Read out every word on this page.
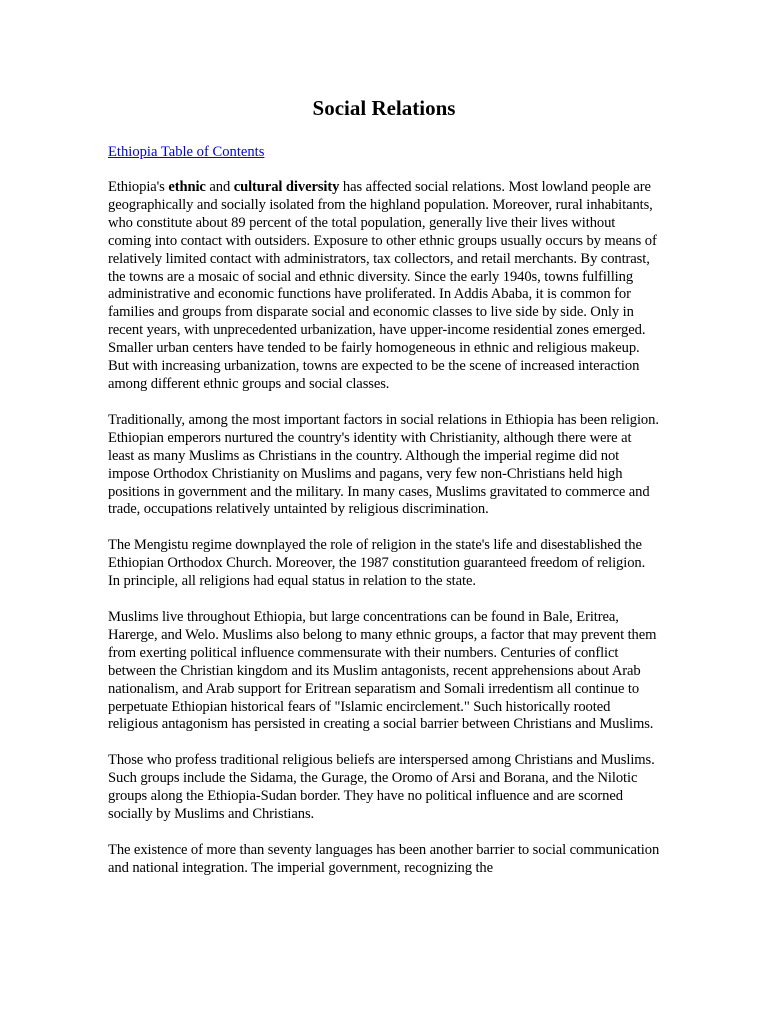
Social Relations
Ethiopia Table of Contents

Ethiopia's ethnic and cultural diversity has affected social relations. Most lowland people are geographically and socially isolated from the highland population. Moreover, rural inhabitants, who constitute about 89 percent of the total population, generally live their lives without coming into contact with outsiders. Exposure to other ethnic groups usually occurs by means of relatively limited contact with administrators, tax collectors, and retail merchants. By contrast, the towns are a mosaic of social and ethnic diversity. Since the early 1940s, towns fulfilling administrative and economic functions have proliferated. In Addis Ababa, it is common for families and groups from disparate social and economic classes to live side by side. Only in recent years, with unprecedented urbanization, have upper-income residential zones emerged. Smaller urban centers have tended to be fairly homogeneous in ethnic and religious makeup. But with increasing urbanization, towns are expected to be the scene of increased interaction among different ethnic groups and social classes.

Traditionally, among the most important factors in social relations in Ethiopia has been religion. Ethiopian emperors nurtured the country's identity with Christianity, although there were at least as many Muslims as Christians in the country. Although the imperial regime did not impose Orthodox Christianity on Muslims and pagans, very few non-Christians held high positions in government and the military. In many cases, Muslims gravitated to commerce and trade, occupations relatively untainted by religious discrimination.

The Mengistu regime downplayed the role of religion in the state's life and disestablished the Ethiopian Orthodox Church. Moreover, the 1987 constitution guaranteed freedom of religion. In principle, all religions had equal status in relation to the state.

Muslims live throughout Ethiopia, but large concentrations can be found in Bale, Eritrea, Harerge, and Welo. Muslims also belong to many ethnic groups, a factor that may prevent them from exerting political influence commensurate with their numbers. Centuries of conflict between the Christian kingdom and its Muslim antagonists, recent apprehensions about Arab nationalism, and Arab support for Eritrean separatism and Somali irredentism all continue to perpetuate Ethiopian historical fears of "Islamic encirclement." Such historically rooted religious antagonism has persisted in creating a social barrier between Christians and Muslims.

Those who profess traditional religious beliefs are interspersed among Christians and Muslims. Such groups include the Sidama, the Gurage, the Oromo of Arsi and Borana, and the Nilotic groups along the Ethiopia-Sudan border. They have no political influence and are scorned socially by Muslims and Christians.

The existence of more than seventy languages has been another barrier to social communication and national integration. The imperial government, recognizing the
